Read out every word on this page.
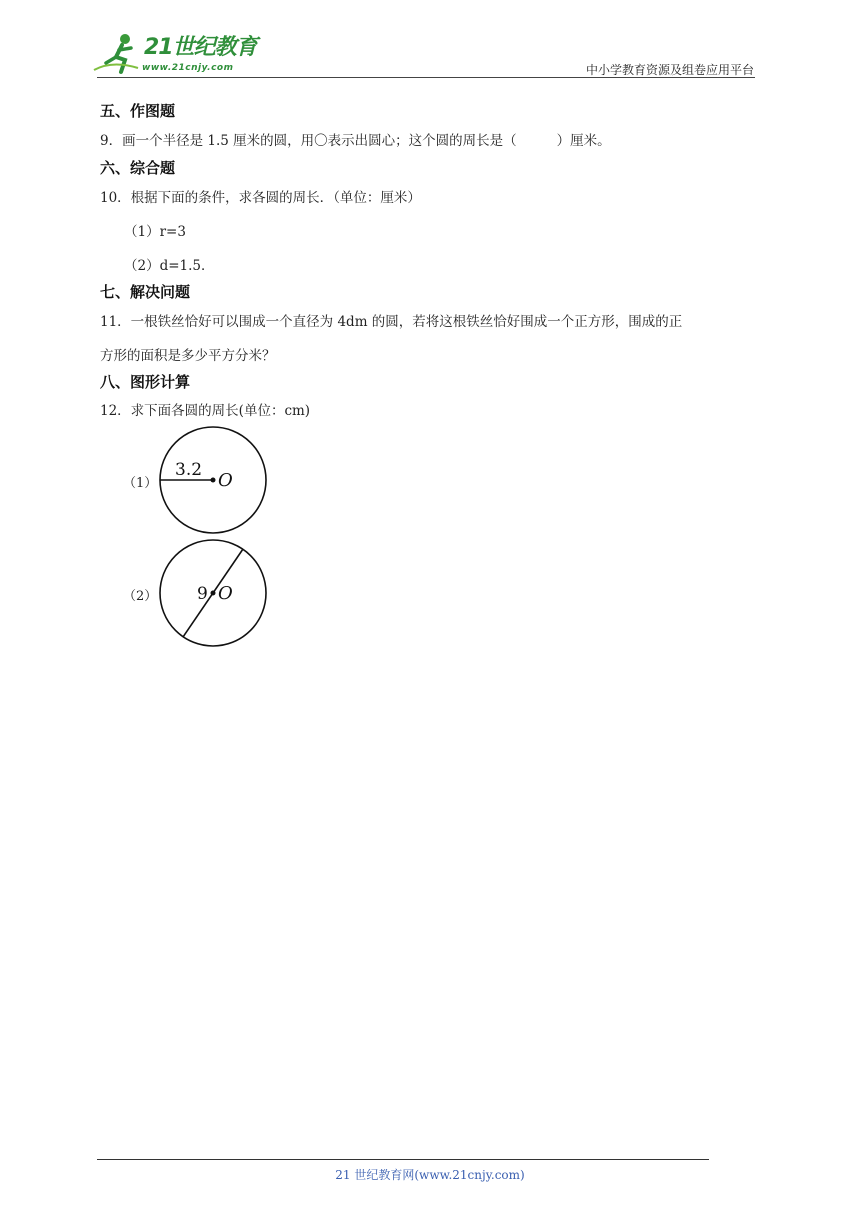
21世纪教育
www.21cnjy.com	中小学教育资源及组卷应用平台
五、作图题
9．画一个半径是 1.5 厘米的圆，用〇表示出圆心；这个圆的周长是（	）厘米。
六、综合题
10．根据下面的条件，求各圆的周长．（单位：厘米）
（1）r=3
（2）d=1.5．
七、解决问题
11．一根铁丝恰好可以围成一个直径为 4dm 的圆，若将这根铁丝恰好围成一个正方形，围成的正
方形的面积是多少平方分米？
八、图形计算
12．求下面各圆的周长(单位：cm)
（1）
3.2 O
（2） 9 O
21 世纪教育网(www.21cnjy.com)
